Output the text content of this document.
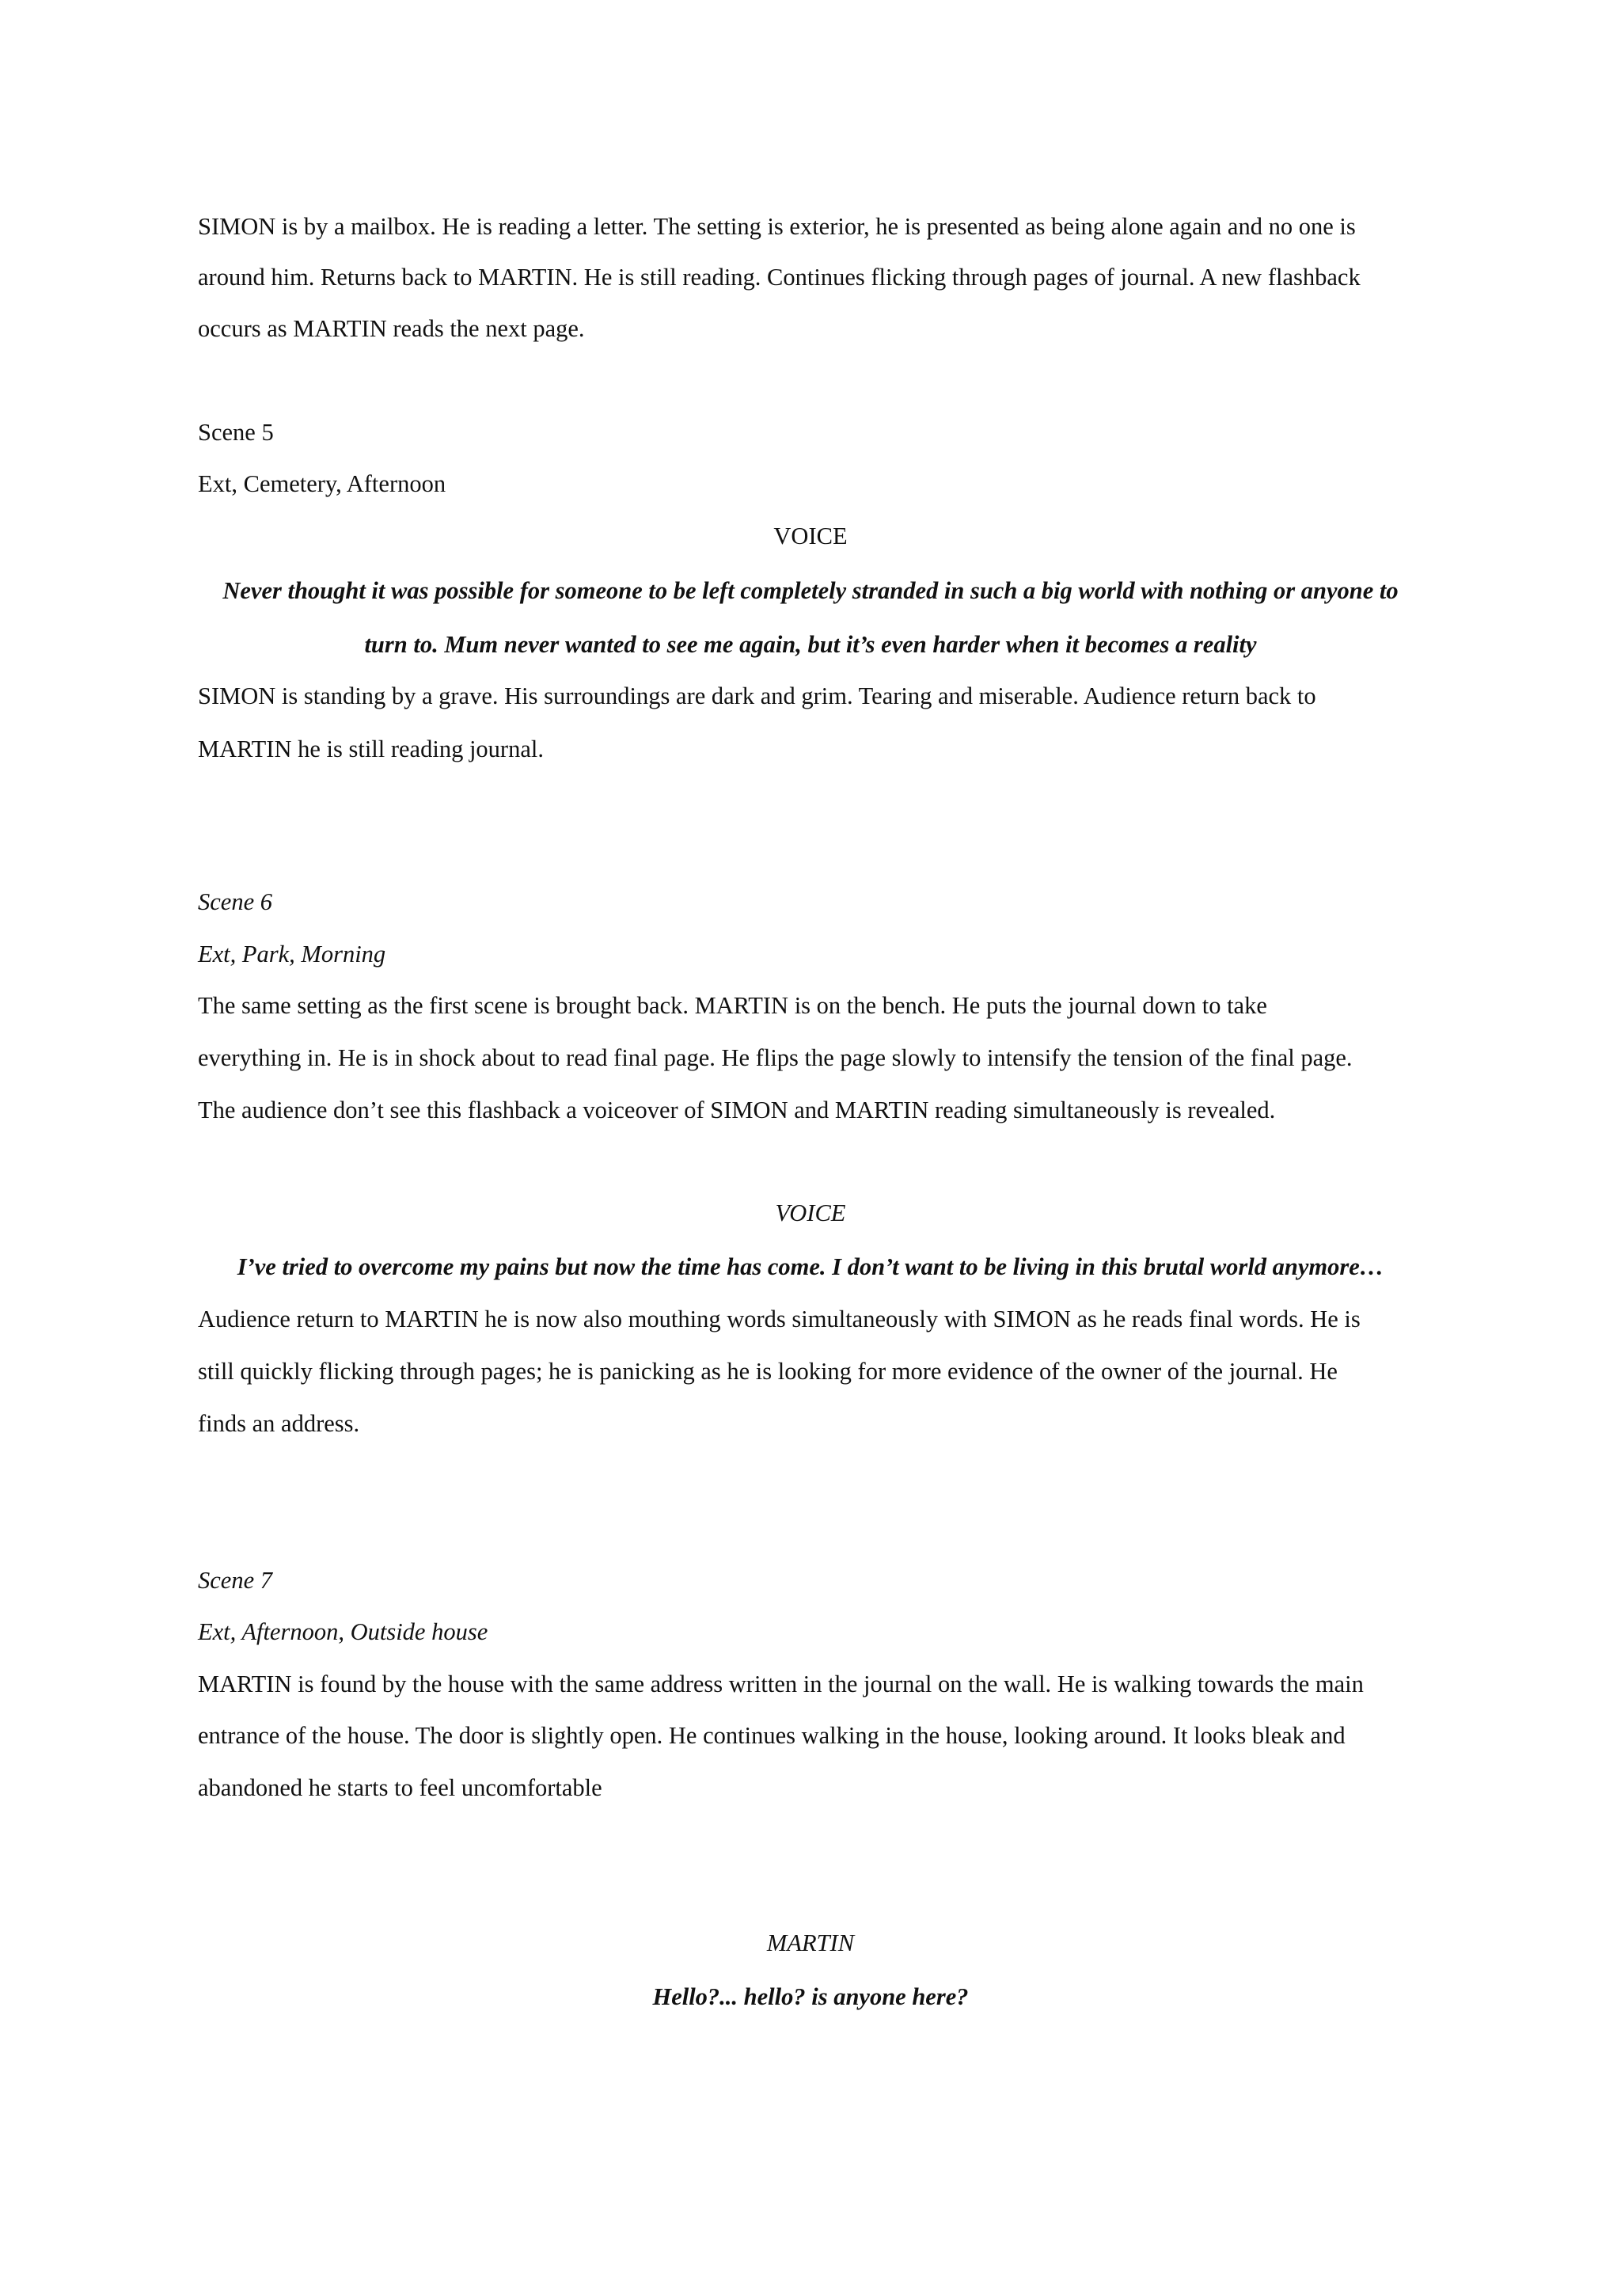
SIMON is by a mailbox. He is reading a letter. The setting is exterior, he is presented as being alone again and no one is
around him. Returns back to MARTIN. He is still reading. Continues flicking through pages of journal. A new flashback
occurs as MARTIN reads the next page.
Scene 5
Ext, Cemetery, Afternoon
VOICE
Never thought it was possible for someone to be left completely stranded in such a big world with nothing or anyone to
turn to. Mum never wanted to see me again, but it’s even harder when it becomes a reality
SIMON is standing by a grave. His surroundings are dark and grim. Tearing and miserable. Audience return back to
MARTIN he is still reading journal.
Scene 6
Ext, Park, Morning
The same setting as the first scene is brought back. MARTIN is on the bench. He puts the journal down to take
everything in. He is in shock about to read final page. He flips the page slowly to intensify the tension of the final page.
The audience don’t see this flashback a voiceover of SIMON and MARTIN reading simultaneously is revealed.
VOICE
I’ve tried to overcome my pains but now the time has come. I don’t want to be living in this brutal world anymore…
Audience return to MARTIN he is now also mouthing words simultaneously with SIMON as he reads final words. He is
still quickly flicking through pages; he is panicking as he is looking for more evidence of the owner of the journal. He
finds an address.
Scene 7
Ext, Afternoon, Outside house
MARTIN is found by the house with the same address written in the journal on the wall. He is walking towards the main
entrance of the house. The door is slightly open. He continues walking in the house, looking around. It looks bleak and
abandoned he starts to feel uncomfortable
MARTIN
Hello?... hello? is anyone here?
